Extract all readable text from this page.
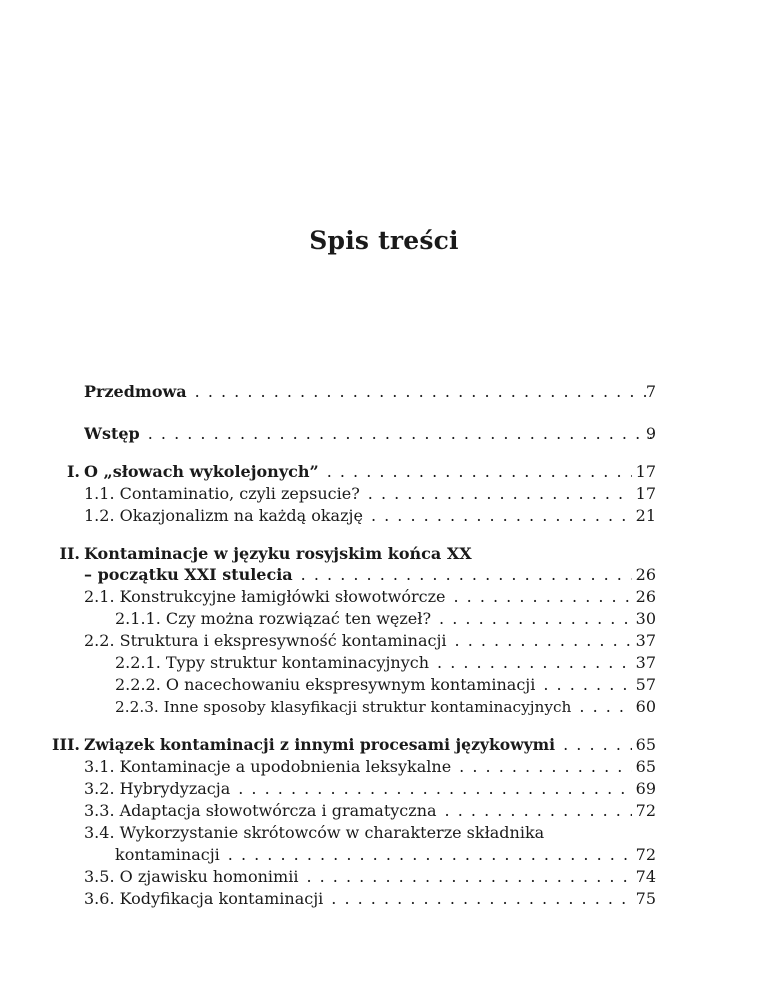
Spis treści
Przedmowa . . .	7
Wstęp . . .	9
I. O „słowach wykolejonych” . . .	17
1.1. Contaminatio, czyli zepsucie? . . .	17
1.2. Okazjonalizm na każdą okazję . . .	21
II. Kontaminacje w języku rosyjskim końca XX
– początku XXI stulecia . . .	26
2.1. Konstrukcyjne łamigłówki słowotwórcze . . .	26
2.1.1. Czy można rozwiązać ten węzeł? . . .	30
2.2. Struktura i ekspresywność kontaminacji . . .	37
2.2.1. Typy struktur kontaminacyjnych . . .	37
2.2.2. O nacechowaniu ekspresywnym kontaminacji . . .	57
2.2.3. Inne sposoby klasyfikacji struktur kontaminacyjnych . . .	60
III. Związek kontaminacji z innymi procesami językowymi . . .	65
3.1. Kontaminacje a upodobnienia leksykalne . . .	65
3.2. Hybrydyzacja . . .	69
3.3. Adaptacja słowotwórcza i gramatyczna . . .	72
3.4. Wykorzystanie skrótowców w charakterze składnika
kontaminacji . . .	72
3.5. O zjawisku homonimii . . .	74
3.6. Kodyfikacja kontaminacji . . .	75
